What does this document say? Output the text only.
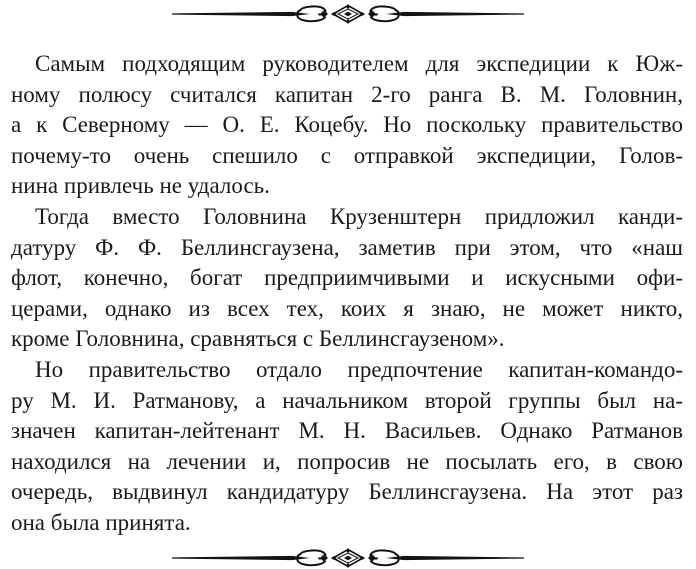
Самым подходящим руководителем для экспедиции к Юж-
ному полюсу считался капитан 2-го ранга В. М. Головнин,
а к Северному — О. Е. Коцебу. Но поскольку правительство
почему-то очень спешило с отправкой экспедиции, Голов-
нина привлечь не удалось.
Тогда вместо Головнина Крузенштерн придложил канди-
датуру Ф. Ф. Беллинсгаузена, заметив при этом, что «наш
флот, конечно, богат предприимчивыми и искусными офи-
церами, однако из всех тех, коих я знаю, не может никто,
кроме Головнина, сравняться с Беллинсгаузеном».
Но правительство отдало предпочтение капитан-командо-
ру М. И. Ратманову, а начальником второй группы был на-
значен капитан-лейтенант М. Н. Васильев. Однако Ратманов
находился на лечении и, попросив не посылать его, в свою
очередь, выдвинул кандидатуру Беллинсгаузена. На этот раз
она была принята.
